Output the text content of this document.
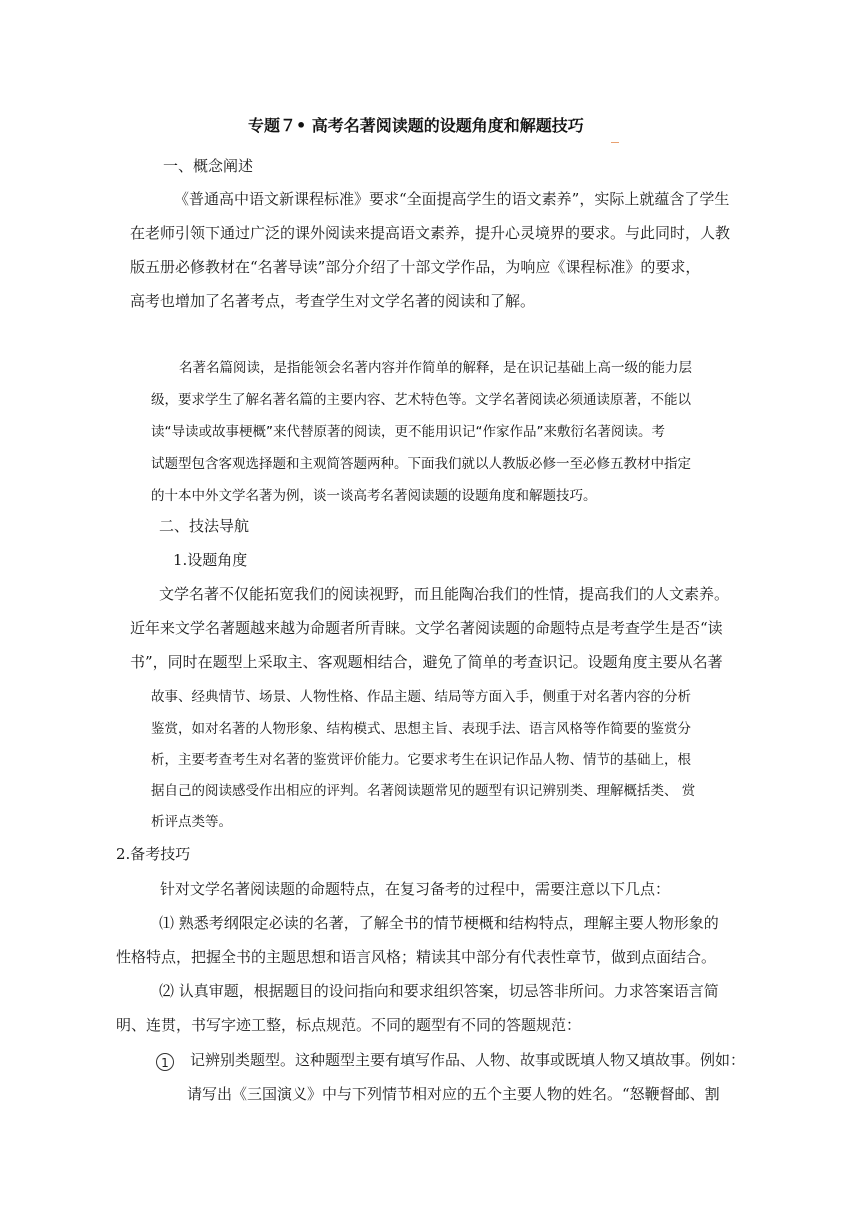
专题７• 高考名著阅读题的设题角度和解题技巧
一、概念阐述
《普通高中语文新课程标准》要求“全面提高学生的语文素养”，实际上就蕴含了学生
在老师引领下通过广泛的课外阅读来提高语文素养，提升心灵境界的要求。与此同时，人教
版五册必修教材在“名著导读”部分介绍了十部文学作品，为响应《课程标准》的要求，
高考也增加了名著考点，考查学生对文学名著的阅读和了解。
名著名篇阅读，是指能领会名著内容并作简单的解释，是在识记基础上高一级的能力层
级，要求学生了解名著名篇的主要内容、艺术特色等。文学名著阅读必须通读原著，不能以
读“导读或故事梗概”来代替原著的阅读，更不能用识记“作家作品”来敷衍名著阅读。考
试题型包含客观选择题和主观简答题两种。下面我们就以人教版必修一至必修五教材中指定
的十本中外文学名著为例，谈一谈高考名著阅读题的设题角度和解题技巧。
二、技法导航
1.设题角度
文学名著不仅能拓宽我们的阅读视野，而且能陶冶我们的性情，提高我们的人文素养。
近年来文学名著题越来越为命题者所青睐。文学名著阅读题的命题特点是考查学生是否“读
书”，同时在题型上采取主、客观题相结合，避免了简单的考查识记。设题角度主要从名著
故事、经典情节、场景、人物性格、作品主题、结局等方面入手，侧重于对名著内容的分析
鉴赏，如对名著的人物形象、结构模式、思想主旨、表现手法、语言风格等作简要的鉴赏分
析，主要考查考生对名著的鉴赏评价能力。它要求考生在识记作品人物、情节的基础上，根
据自己的阅读感受作出相应的评判。名著阅读题常见的题型有识记辨别类、理解概括类、 赏
析评点类等。
2.备考技巧
针对文学名著阅读题的命题特点，在复习备考的过程中，需要注意以下几点：
⑴ 熟悉考纲限定必读的名著，了解全书的情节梗概和结构特点，理解主要人物形象的
性格特点，把握全书的主题思想和语言风格；精读其中部分有代表性章节，做到点面结合。
⑵ 认真审题，根据题目的设问指向和要求组织答案，切忌答非所问。力求答案语言简
明、连贯，书写字迹工整，标点规范。不同的题型有不同的答题规范：
1	记辨别类题型。这种题型主要有填写作品、人物、故事或既填人物又填故事。例如：
请写出《三国演义》中与下列情节相对应的五个主要人物的姓名。“怒鞭督邮、割
